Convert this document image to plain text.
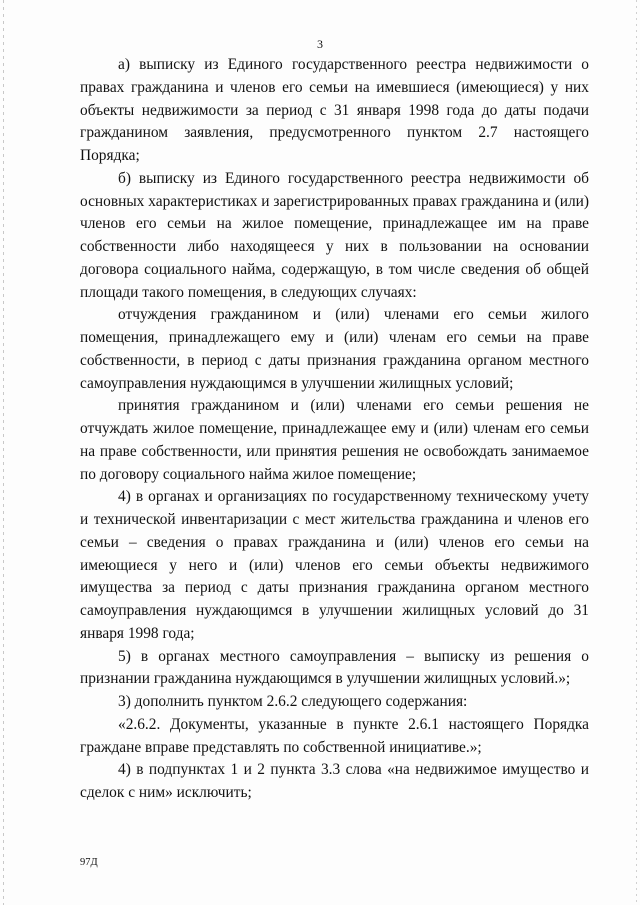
3

а) выписку из Единого государственного реестра недвижимости о правах гражданина и членов его семьи на имевшиеся (имеющиеся) у них объекты недвижимости за период с 31 января 1998 года до даты подачи гражданином заявления, предусмотренного пунктом 2.7 настоящего Порядка;

б) выписку из Единого государственного реестра недвижимости об основных характеристиках и зарегистрированных правах гражданина и (или) членов его семьи на жилое помещение, принадлежащее им на праве собственности либо находящееся у них в пользовании на основании договора социального найма, содержащую, в том числе сведения об общей площади такого помещения, в следующих случаях:

отчуждения гражданином и (или) членами его семьи жилого помещения, принадлежащего ему и (или) членам его семьи на праве собственности, в период с даты признания гражданина органом местного самоуправления нуждающимся в улучшении жилищных условий;

принятия гражданином и (или) членами его семьи решения не отчуждать жилое помещение, принадлежащее ему и (или) членам его семьи на праве собственности, или принятия решения не освобождать занимаемое по договору социального найма жилое помещение;

4) в органах и организациях по государственному техническому учету и технической инвентаризации с мест жительства гражданина и членов его семьи – сведения о правах гражданина и (или) членов его семьи на имеющиеся у него и (или) членов его семьи объекты недвижимого имущества за период с даты признания гражданина органом местного самоуправления нуждающимся в улучшении жилищных условий до 31 января 1998 года;

5) в органах местного самоуправления – выписку из решения о признании гражданина нуждающимся в улучшении жилищных условий.»;

3) дополнить пунктом 2.6.2 следующего содержания:

«2.6.2. Документы, указанные в пункте 2.6.1 настоящего Порядка граждане вправе представлять по собственной инициативе.»;

4) в подпунктах 1 и 2 пункта 3.3 слова «на недвижимое имущество и сделок с ним» исключить;

97Д
